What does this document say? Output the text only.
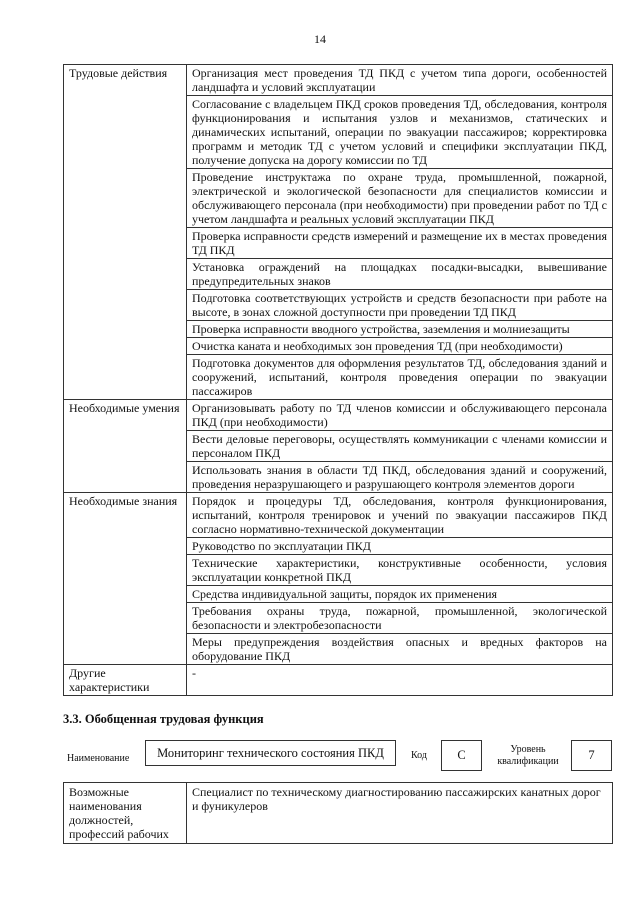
14
Трудовые действия	Организация мест проведения ТД ПКД с учетом типа дороги, особенностей ландшафта и условий эксплуатации
	Согласование с владельцем ПКД сроков проведения ТД, обследования, контроля функционирования и испытания узлов и механизмов, статических и динамических испытаний, операции по эвакуации пассажиров; корректировка программ и методик ТД с учетом условий и специфики эксплуатации ПКД, получение допуска на дорогу комиссии по ТД
	Проведение инструктажа по охране труда, промышленной, пожарной, электрической и экологической безопасности для специалистов комиссии и обслуживающего персонала (при необходимости) при проведении работ по ТД с учетом ландшафта и реальных условий эксплуатации ПКД
	Проверка исправности средств измерений и размещение их в местах проведения ТД ПКД
	Установка ограждений на площадках посадки-высадки, вывешивание предупредительных знаков
	Подготовка соответствующих устройств и средств безопасности при работе на высоте, в зонах сложной доступности при проведении ТД ПКД
	Проверка исправности вводного устройства, заземления и молниезащиты
	Очистка каната и необходимых зон проведения ТД (при необходимости)
	Подготовка документов для оформления результатов ТД, обследования зданий и сооружений, испытаний, контроля проведения операции по эвакуации пассажиров
Необходимые умения	Организовывать работу по ТД членов комиссии и обслуживающего персонала ПКД (при необходимости)
	Вести деловые переговоры, осуществлять коммуникации с членами комиссии и персоналом ПКД
	Использовать знания в области ТД ПКД, обследования зданий и сооружений, проведения неразрушающего и разрушающего контроля элементов дороги
Необходимые знания	Порядок и процедуры ТД, обследования, контроля функционирования, испытаний, контроля тренировок и учений по эвакуации пассажиров ПКД согласно нормативно-технической документации
	Руководство по эксплуатации ПКД
	Технические характеристики, конструктивные особенности, условия эксплуатации конкретной ПКД
	Средства индивидуальной защиты, порядок их применения
	Требования охраны труда, пожарной, промышленной, экологической безопасности и электробезопасности
	Меры предупреждения воздействия опасных и вредных факторов на оборудование ПКД
Другие характеристики	-
3.3. Обобщенная трудовая функция
Наименование	Мониторинг технического состояния ПКД	Код	C	Уровень квалификации	7
Возможные наименования должностей, профессий рабочих	Специалист по техническому диагностированию пассажирских канатных дорог и фуникулеров
